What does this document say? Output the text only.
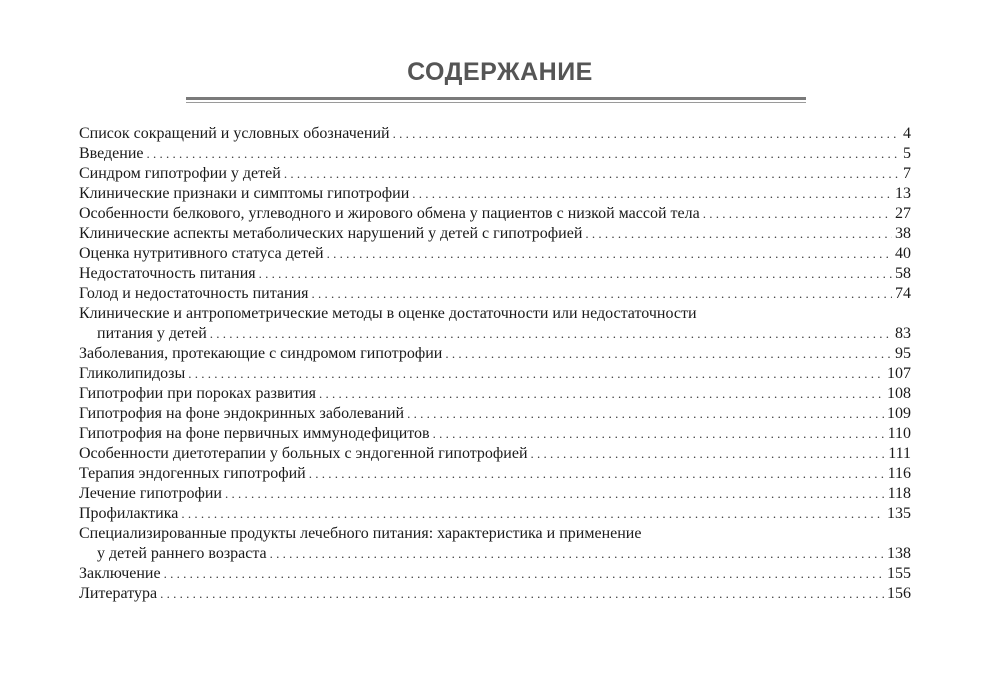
СОДЕРЖАНИЕ
Список сокращений и условных обозначений . . .	4
Введение . . .	5
Синдром гипотрофии у детей . . .	7
Клинические признаки и симптомы гипотрофии . . .	13
Особенности белкового, углеводного и жирового обмена у пациентов с низкой массой тела . . .	27
Клинические аспекты метаболических нарушений у детей с гипотрофией . . .	38
Оценка нутритивного статуса детей . . .	40
Недостаточность питания . . .	58
Голод и недостаточность питания . . .	74
Клинические и антропометрические методы в оценке достаточности или недостаточности
питания у детей . . .	83
Заболевания, протекающие с синдромом гипотрофии . . .	95
Гликолипидозы . . .	107
Гипотрофии при пороках развития . . .	108
Гипотрофия на фоне эндокринных заболеваний . . .	109
Гипотрофия на фоне первичных иммунодефицитов . . .	110
Особенности диетотерапии у больных с эндогенной гипотрофией . . .	111
Терапия эндогенных гипотрофий . . .	116
Лечение гипотрофии . . .	118
Профилактика . . .	135
Специализированные продукты лечебного питания: характеристика и применение
у детей раннего возраста . . .	138
Заключение . . .	155
Литература . . .	156
